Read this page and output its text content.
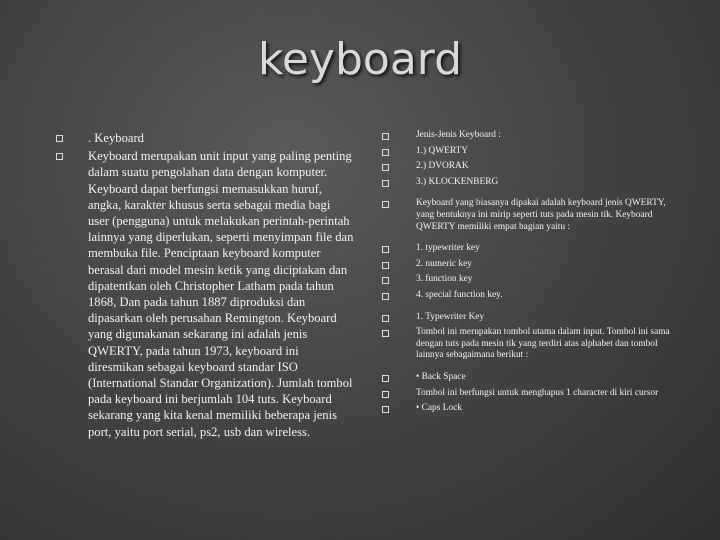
keyboard
. Keyboard
Keyboard merupakan unit input yang paling penting dalam suatu pengolahan data dengan komputer. Keyboard dapat berfungsi memasukkan huruf, angka, karakter khusus serta sebagai media bagi user (pengguna) untuk melakukan perintah-perintah lainnya yang diperlukan, seperti menyimpan file dan membuka file. Penciptaan keyboard komputer berasal dari model mesin ketik yang diciptakan dan dipatentkan oleh Christopher Latham pada tahun 1868, Dan pada tahun 1887 diproduksi dan dipasarkan oleh perusahan Remington. Keyboard yang digunakanan sekarang ini adalah jenis QWERTY, pada tahun 1973, keyboard ini diresmikan sebagai keyboard standar ISO (International Standar Organization). Jumlah tombol pada keyboard ini berjumlah 104 tuts. Keyboard sekarang yang kita kenal memiliki beberapa jenis port, yaitu port serial, ps2, usb dan wireless.
Jenis-Jenis Keyboard :
1.) QWERTY
2.) DVORAK
3.) KLOCKENBERG
Keyboard yang biasanya dipakai adalah keyboard jenis QWERTY, yang bentuknya ini mirip seperti tuts pada mesin tik. Keyboard QWERTY memiliki empat bagian yaitu :
1. typewriter key
2. numeric key
3. function key
4. special function key.
1. Typewriter Key
Tombol ini merupakan tombol utama dalam input. Tombol ini sama dengan tuts pada mesin tik yang terdiri atas alphabet dan tombol lainnya sebagaimana berikut :
• Back Space
Tombol ini berfungsi untuk menghapus 1 character di kiri cursor
• Caps Lock
